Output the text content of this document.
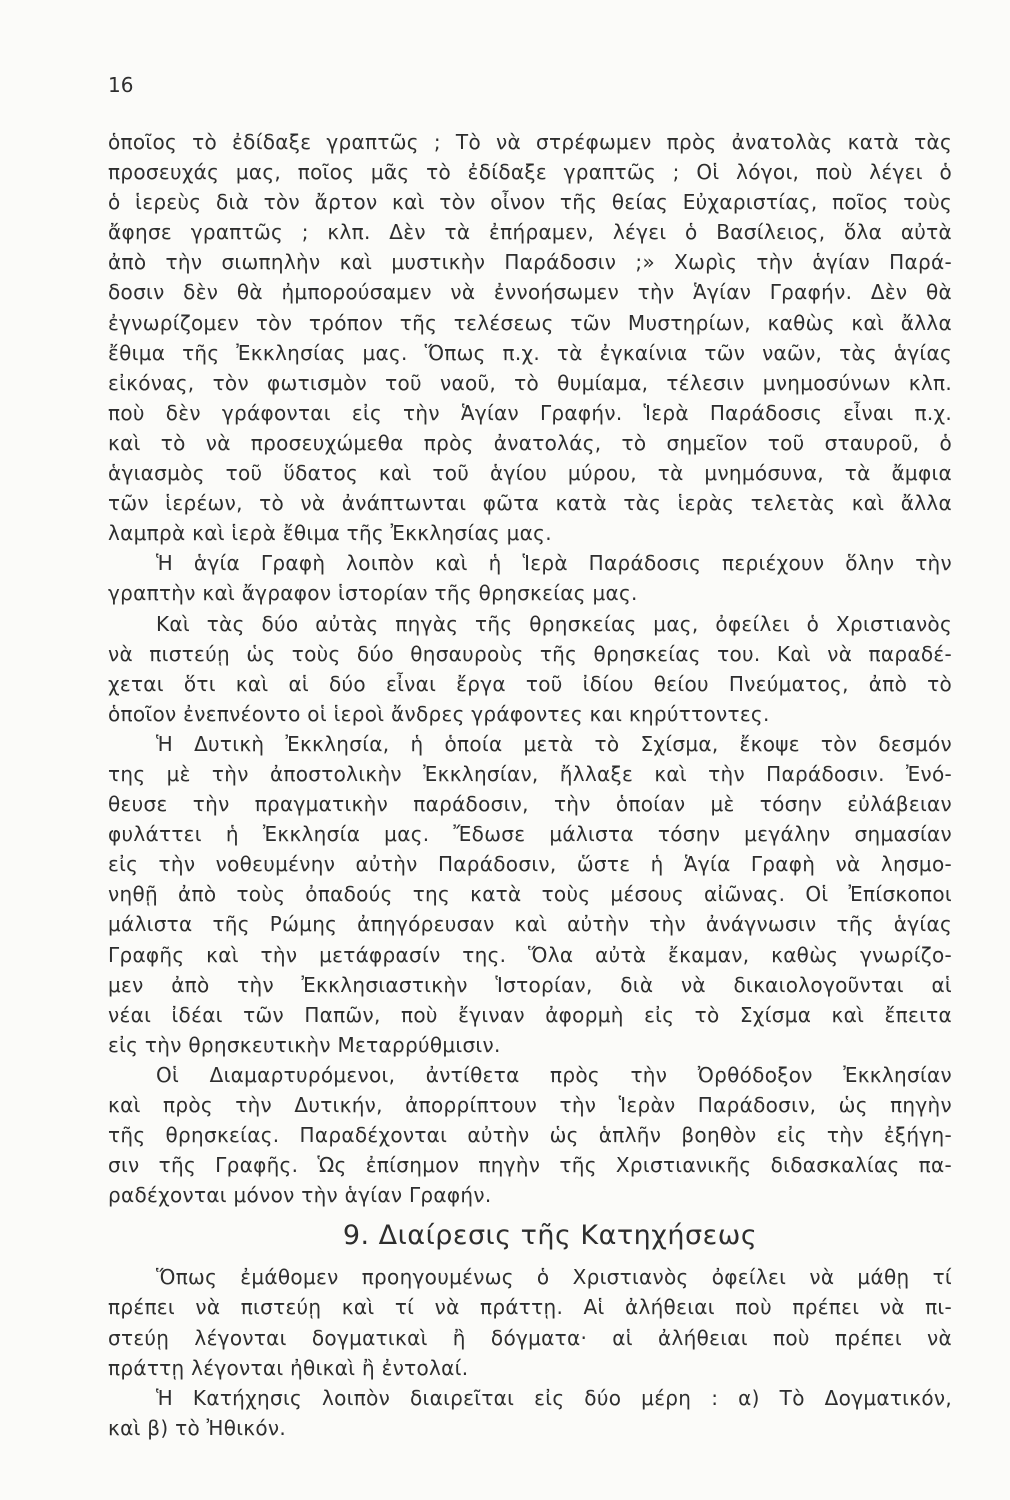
16
ὁποῖος τὸ ἐδίδαξε γραπτῶς ; Τὸ νὰ στρέφωμεν πρὸς ἀνατολὰς κατὰ τὰς
προσευχάς μας, ποῖος μᾶς τὸ ἐδίδαξε γραπτῶς ; Οἱ λόγοι, ποὺ λέγει ὁ
ὁ ἱερεὺς διὰ τὸν ἄρτον καὶ τὸν οἶνον τῆς θείας Εὐχαριστίας, ποῖος τοὺς
ἄφησε γραπτῶς ; κλπ. Δὲν τὰ ἐπήραμεν, λέγει ὁ Βασίλειος, ὅλα αὐτὰ
ἀπὸ τὴν σιωπηλὴν καὶ μυστικὴν Παράδοσιν ;» Χωρὶς τὴν ἁγίαν Παρά-
δοσιν δὲν θὰ ἠμπορούσαμεν νὰ ἐννοήσωμεν τὴν Ἁγίαν Γραφήν. Δὲν θὰ
ἐγνωρίζομεν τὸν τρόπον τῆς τελέσεως τῶν Μυστηρίων, καθὼς καὶ ἄλλα
ἔθιμα τῆς Ἐκκλησίας μας. Ὅπως π.χ. τὰ ἐγκαίνια τῶν ναῶν, τὰς ἁγίας
εἰκόνας, τὸν φωτισμὸν τοῦ ναοῦ, τὸ θυμίαμα, τέλεσιν μνημοσύνων κλπ.
ποὺ δὲν γράφονται εἰς τὴν Ἁγίαν Γραφήν. Ἱερὰ Παράδοσις εἶναι π.χ.
καὶ τὸ νὰ προσευχώμεθα πρὸς ἀνατολάς, τὸ σημεῖον τοῦ σταυροῦ, ὁ
ἁγιασμὸς τοῦ ὕδατος καὶ τοῦ ἁγίου μύρου, τὰ μνημόσυνα, τὰ ἄμφια
τῶν ἱερέων, τὸ νὰ ἀνάπτωνται φῶτα κατὰ τὰς ἱερὰς τελετὰς καὶ ἄλλα
λαμπρὰ καὶ ἱερὰ ἔθιμα τῆς Ἐκκλησίας μας.
Ἡ ἁγία Γραφὴ λοιπὸν καὶ ἡ Ἱερὰ Παράδοσις περιέχουν ὅλην τὴν
γραπτὴν καὶ ἄγραφον ἱστορίαν τῆς θρησκείας μας.
Καὶ τὰς δύο αὐτὰς πηγὰς τῆς θρησκείας μας, ὀφείλει ὁ Χριστιανὸς
νὰ πιστεύῃ ὡς τοὺς δύο θησαυροὺς τῆς θρησκείας του. Καὶ νὰ παραδέ-
χεται ὅτι καὶ αἱ δύο εἶναι ἔργα τοῦ ἰδίου θείου Πνεύματος, ἀπὸ τὸ
ὁποῖον ἐνεπνέοντο οἱ ἱεροὶ ἄνδρες γράφοντες και κηρύττοντες.
Ἡ Δυτικὴ Ἐκκλησία, ἡ ὁποία μετὰ τὸ Σχίσμα, ἔκοψε τὸν δεσμόν
της μὲ τὴν ἀποστολικὴν Ἐκκλησίαν, ἤλλαξε καὶ τὴν Παράδοσιν. Ἐνό-
θευσε τὴν πραγματικὴν παράδοσιν, τὴν ὁποίαν μὲ τόσην εὐλάβειαν
φυλάττει ἡ Ἐκκλησία μας. Ἔδωσε μάλιστα τόσην μεγάλην σημασίαν
εἰς τὴν νοθευμένην αὐτὴν Παράδοσιν, ὥστε ἡ Ἁγία Γραφὴ νὰ λησμο-
νηθῇ ἀπὸ τοὺς ὀπαδούς της κατὰ τοὺς μέσους αἰῶνας. Οἱ Ἐπίσκοποι
μάλιστα τῆς Ρώμης ἀπηγόρευσαν καὶ αὐτὴν τὴν ἀνάγνωσιν τῆς ἁγίας
Γραφῆς καὶ τὴν μετάφρασίν της. Ὅλα αὐτὰ ἔκαμαν, καθὼς γνωρίζο-
μεν ἀπὸ τὴν Ἐκκλησιαστικὴν Ἱστορίαν, διὰ νὰ δικαιολογοῦνται αἱ
νέαι ἰδέαι τῶν Παπῶν, ποὺ ἔγιναν ἀφορμὴ εἰς τὸ Σχίσμα καὶ ἔπειτα
εἰς τὴν θρησκευτικὴν Μεταρρύθμισιν.
Οἱ Διαμαρτυρόμενοι, ἀντίθετα πρὸς τὴν Ὀρθόδοξον Ἐκκλησίαν
καὶ πρὸς τὴν Δυτικήν, ἀπορρίπτουν τὴν Ἱερὰν Παράδοσιν, ὡς πηγὴν
τῆς θρησκείας. Παραδέχονται αὐτὴν ὡς ἁπλῆν βοηθὸν εἰς τὴν ἐξήγη-
σιν τῆς Γραφῆς. Ὡς ἐπίσημον πηγὴν τῆς Χριστιανικῆς διδασκαλίας πα-
ραδέχονται μόνον τὴν ἁγίαν Γραφήν.
9. Διαίρεσις τῆς Κατηχήσεως
Ὅπως ἐμάθομεν προηγουμένως ὁ Χριστιανὸς ὀφείλει νὰ μάθῃ τί
πρέπει νὰ πιστεύῃ καὶ τί νὰ πράττῃ. Αἱ ἀλήθειαι ποὺ πρέπει νὰ πι-
στεύῃ λέγονται δογματικαὶ ἢ δόγματα· αἱ ἀλήθειαι ποὺ πρέπει νὰ
πράττῃ λέγονται ἠθικαὶ ἢ ἐντολαί.
Ἡ Κατήχησις λοιπὸν διαιρεῖται εἰς δύο μέρη : α) Τὸ Δογματικόν,
καὶ β) τὸ Ἠθικόν.
